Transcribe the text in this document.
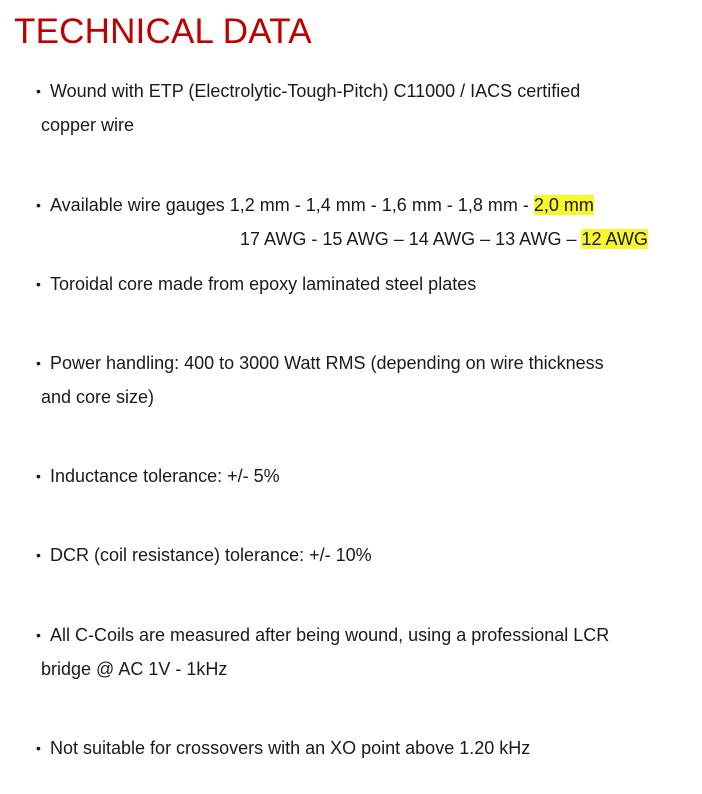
TECHNICAL DATA
• Wound with ETP (Electrolytic-Tough-Pitch) C11000 / IACS certified
copper wire
• Available wire gauges 1,2 mm - 1,4 mm - 1,6 mm - 1,8 mm - 2,0 mm
17 AWG - 15 AWG – 14 AWG – 13 AWG – 12 AWG
• Toroidal core made from epoxy laminated steel plates
• Power handling: 400 to 3000 Watt RMS (depending on wire thickness
and core size)
• Inductance tolerance: +/- 5%
• DCR (coil resistance) tolerance: +/- 10%
• All C-Coils are measured after being wound, using a professional LCR
bridge @ AC 1V - 1kHz
• Not suitable for crossovers with an XO point above 1.20 kHz
